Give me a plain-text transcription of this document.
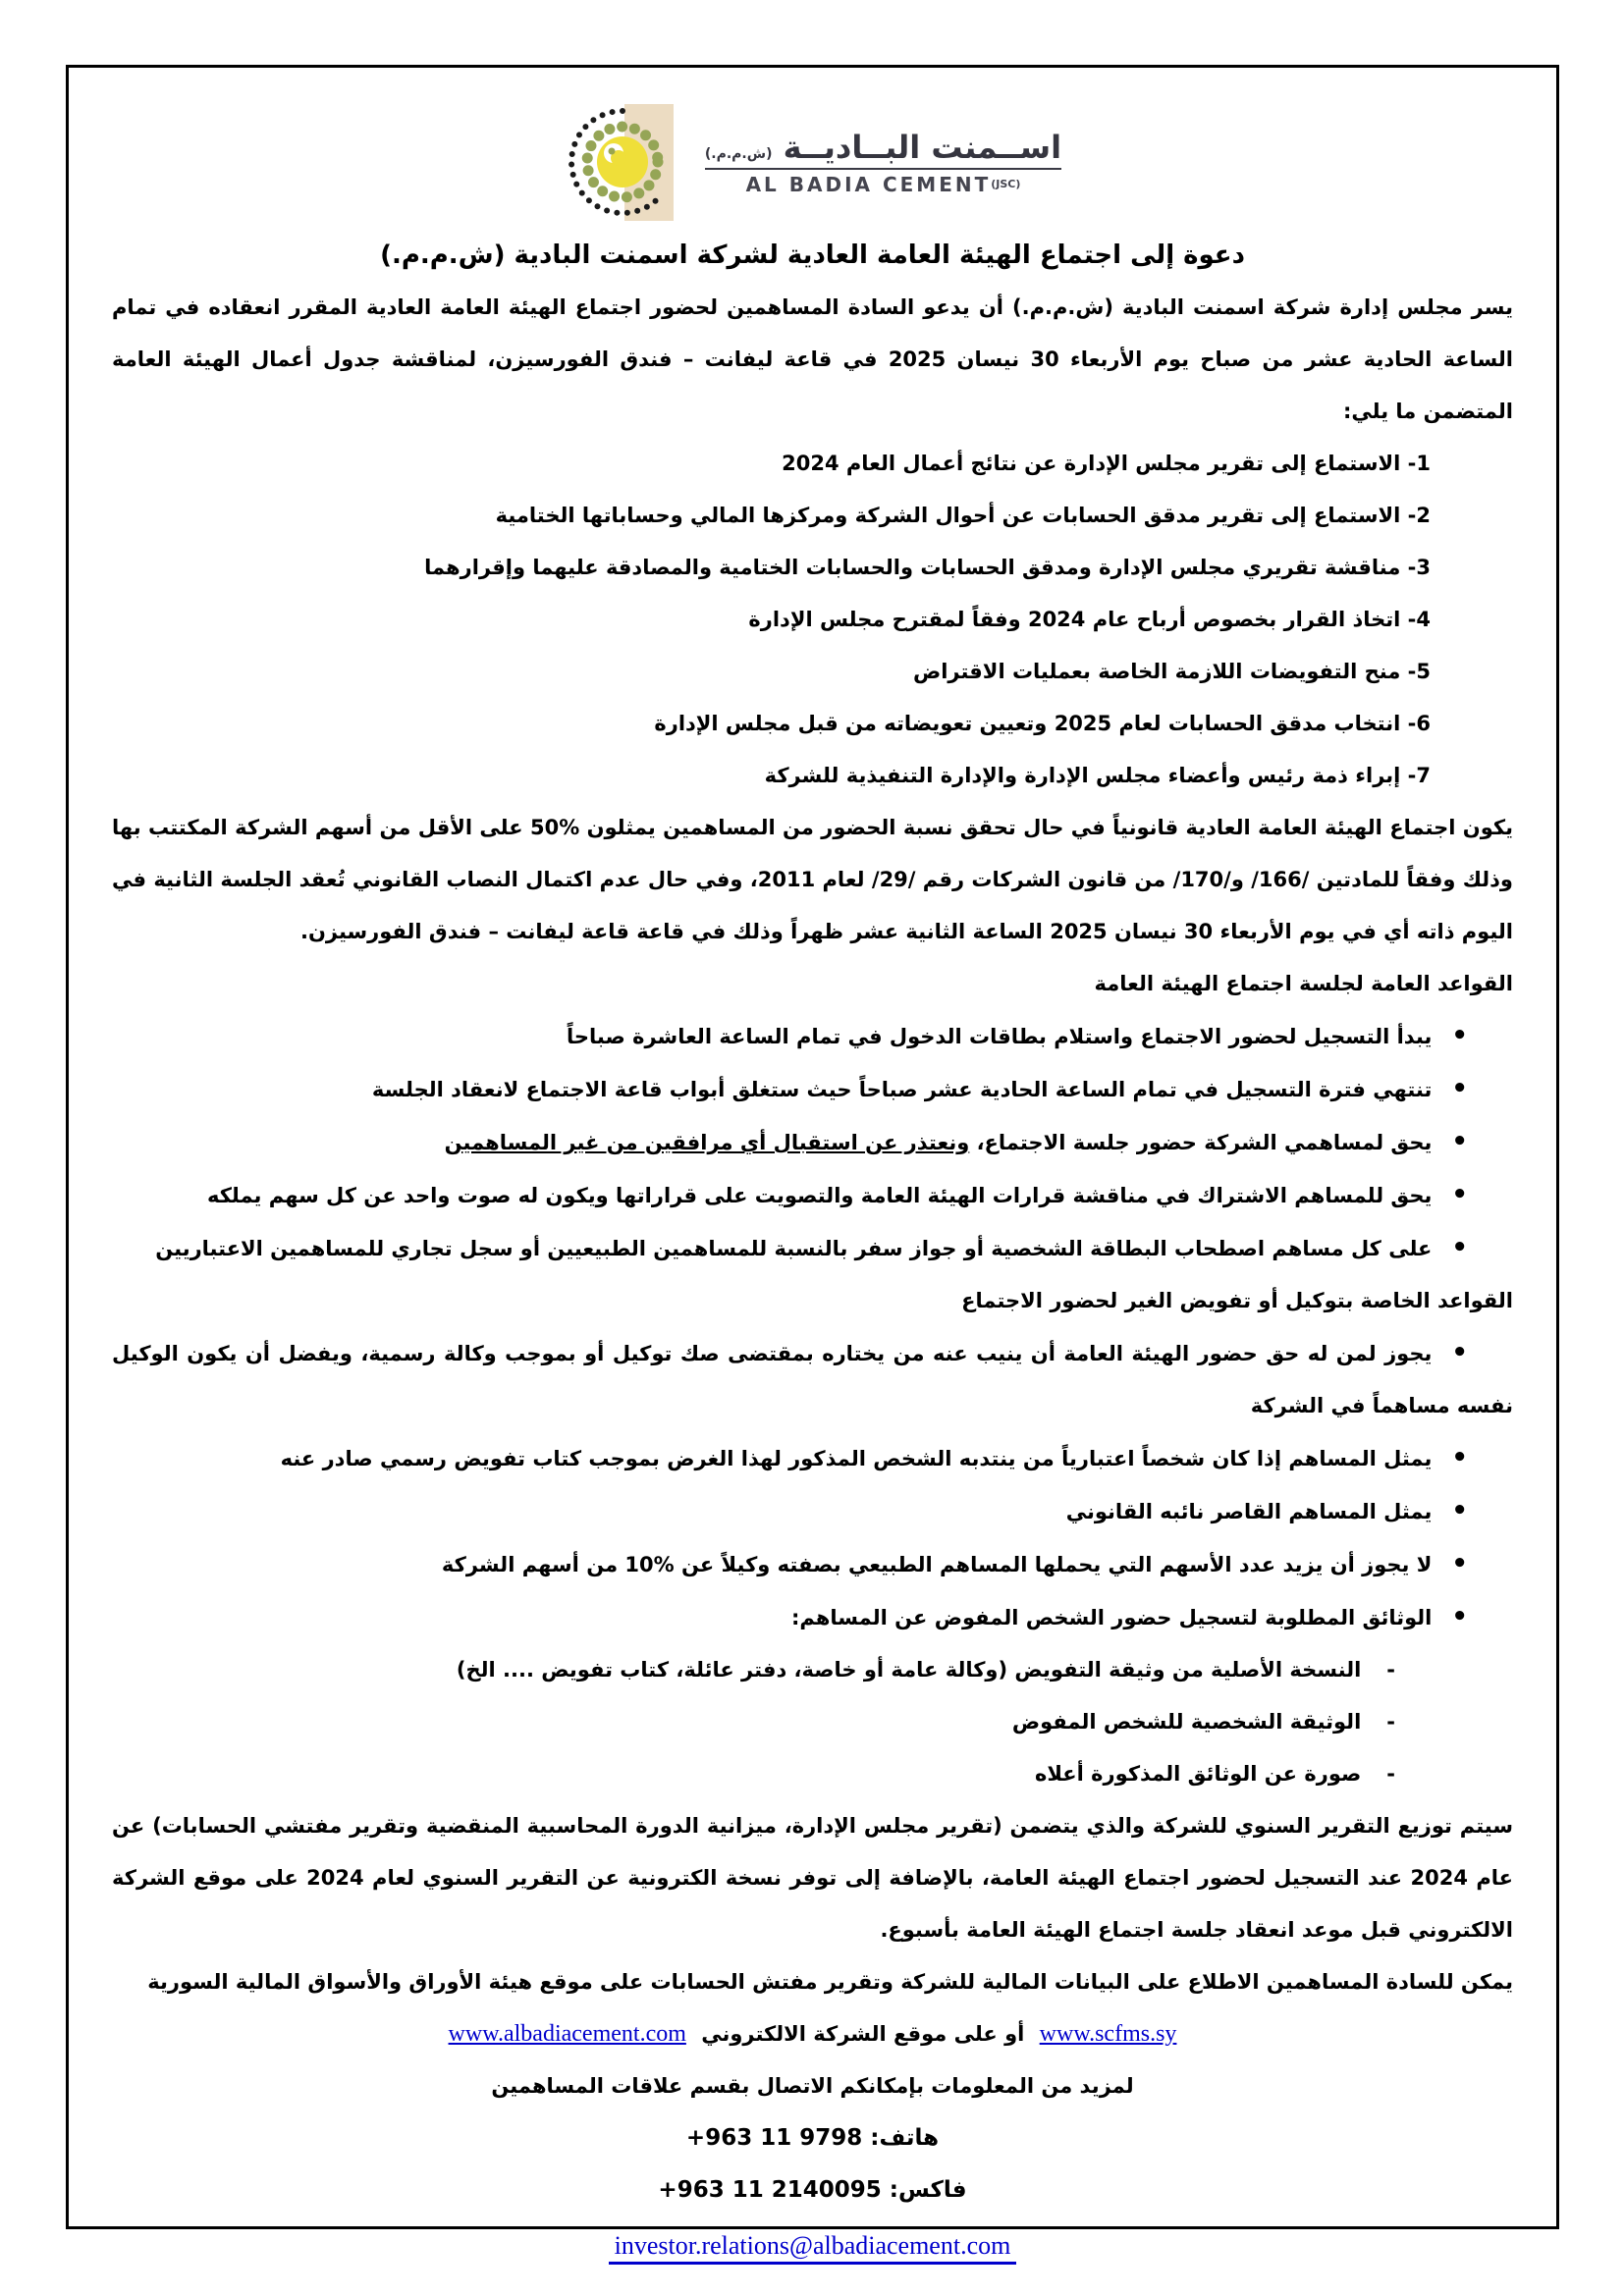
اســمنت البــاديــة (ش.م.م.)
AL BADIA $CEMENT^{(JSC)}$
دعوة إلى اجتماع الهيئة العامة العادية لشركة اسمنت البادية (ش.م.م.)
يسر مجلس إدارة شركة اسمنت البادية (ش.م.م.) أن يدعو السادة المساهمين لحضور اجتماع الهيئة العامة العادية المقرر انعقاده في تمام الساعة الحادية عشر من صباح يوم الأربعاء 30 نيسان 2025 في قاعة ليفانت – فندق الفورسيزن، لمناقشة جدول أعمال الهيئة العامة المتضمن ما يلي:
1- الاستماع إلى تقرير مجلس الإدارة عن نتائج أعمال العام 2024
2- الاستماع إلى تقرير مدقق الحسابات عن أحوال الشركة ومركزها المالي وحساباتها الختامية
3- مناقشة تقريري مجلس الإدارة ومدقق الحسابات والحسابات الختامية والمصادقة عليهما وإقرارهما
4- اتخاذ القرار بخصوص أرباح عام 2024 وفقاً لمقترح مجلس الإدارة
5- منح التفويضات اللازمة الخاصة بعمليات الاقتراض
6- انتخاب مدقق الحسابات لعام 2025 وتعيين تعويضاته من قبل مجلس الإدارة
7- إبراء ذمة رئيس وأعضاء مجلس الإدارة والإدارة التنفيذية للشركة
يكون اجتماع الهيئة العامة العادية قانونياً في حال تحقق نسبة الحضور من المساهمين يمثلون %50 على الأقل من أسهم الشركة المكتتب بها وذلك وفقاً للمادتين /166/ و/170/ من قانون الشركات رقم /29/ لعام 2011، وفي حال عدم اكتمال النصاب القانوني تُعقد الجلسة الثانية في اليوم ذاته أي في يوم الأربعاء 30 نيسان 2025 الساعة الثانية عشر ظهراً وذلك في قاعة قاعة ليفانت – فندق الفورسيزن.
القواعد العامة لجلسة اجتماع الهيئة العامة
• يبدأ التسجيل لحضور الاجتماع واستلام بطاقات الدخول في تمام الساعة العاشرة صباحاً
• تنتهي فترة التسجيل في تمام الساعة الحادية عشر صباحاً حيث ستغلق أبواب قاعة الاجتماع لانعقاد الجلسة
• يحق لمساهمي الشركة حضور جلسة الاجتماع، ونعتذر عن استقبال أي مرافقين من غير المساهمين
• يحق للمساهم الاشتراك في مناقشة قرارات الهيئة العامة والتصويت على قراراتها ويكون له صوت واحد عن كل سهم يملكه
• على كل مساهم اصطحاب البطاقة الشخصية أو جواز سفر بالنسبة للمساهمين الطبيعيين أو سجل تجاري للمساهمين الاعتباريين
القواعد الخاصة بتوكيل أو تفويض الغير لحضور الاجتماع
• يجوز لمن له حق حضور الهيئة العامة أن ينيب عنه من يختاره بمقتضى صك توكيل أو بموجب وكالة رسمية، ويفضل أن يكون الوكيل نفسه مساهماً في الشركة
• يمثل المساهم إذا كان شخصاً اعتبارياً من ينتدبه الشخص المذكور لهذا الغرض بموجب كتاب تفويض رسمي صادر عنه
• يمثل المساهم القاصر نائبه القانوني
• لا يجوز أن يزيد عدد الأسهم التي يحملها المساهم الطبيعي بصفته وكيلاً عن %10 من أسهم الشركة
• الوثائق المطلوبة لتسجيل حضور الشخص المفوض عن المساهم:
- النسخة الأصلية من وثيقة التفويض (وكالة عامة أو خاصة، دفتر عائلة، كتاب تفويض .... الخ)
- الوثيقة الشخصية للشخص المفوض
- صورة عن الوثائق المذكورة أعلاه
سيتم توزيع التقرير السنوي للشركة والذي يتضمن (تقرير مجلس الإدارة، ميزانية الدورة المحاسبية المنقضية وتقرير مفتشي الحسابات) عن عام 2024 عند التسجيل لحضور اجتماع الهيئة العامة، بالإضافة إلى توفر نسخة الكترونية عن التقرير السنوي لعام 2024 على موقع الشركة الالكتروني قبل موعد انعقاد جلسة اجتماع الهيئة العامة بأسبوع.
يمكن للسادة المساهمين الاطلاع على البيانات المالية للشركة وتقرير مفتش الحسابات على موقع هيئة الأوراق والأسواق المالية السورية
www.scfms.sy أو على موقع الشركة الالكتروني www.albadiacement.com
لمزيد من المعلومات بإمكانكم الاتصال بقسم علاقات المساهمين
هاتف: 9798 11 963+
فاكس: 2140095 11 963+
investor.relations@albadiacement.com
